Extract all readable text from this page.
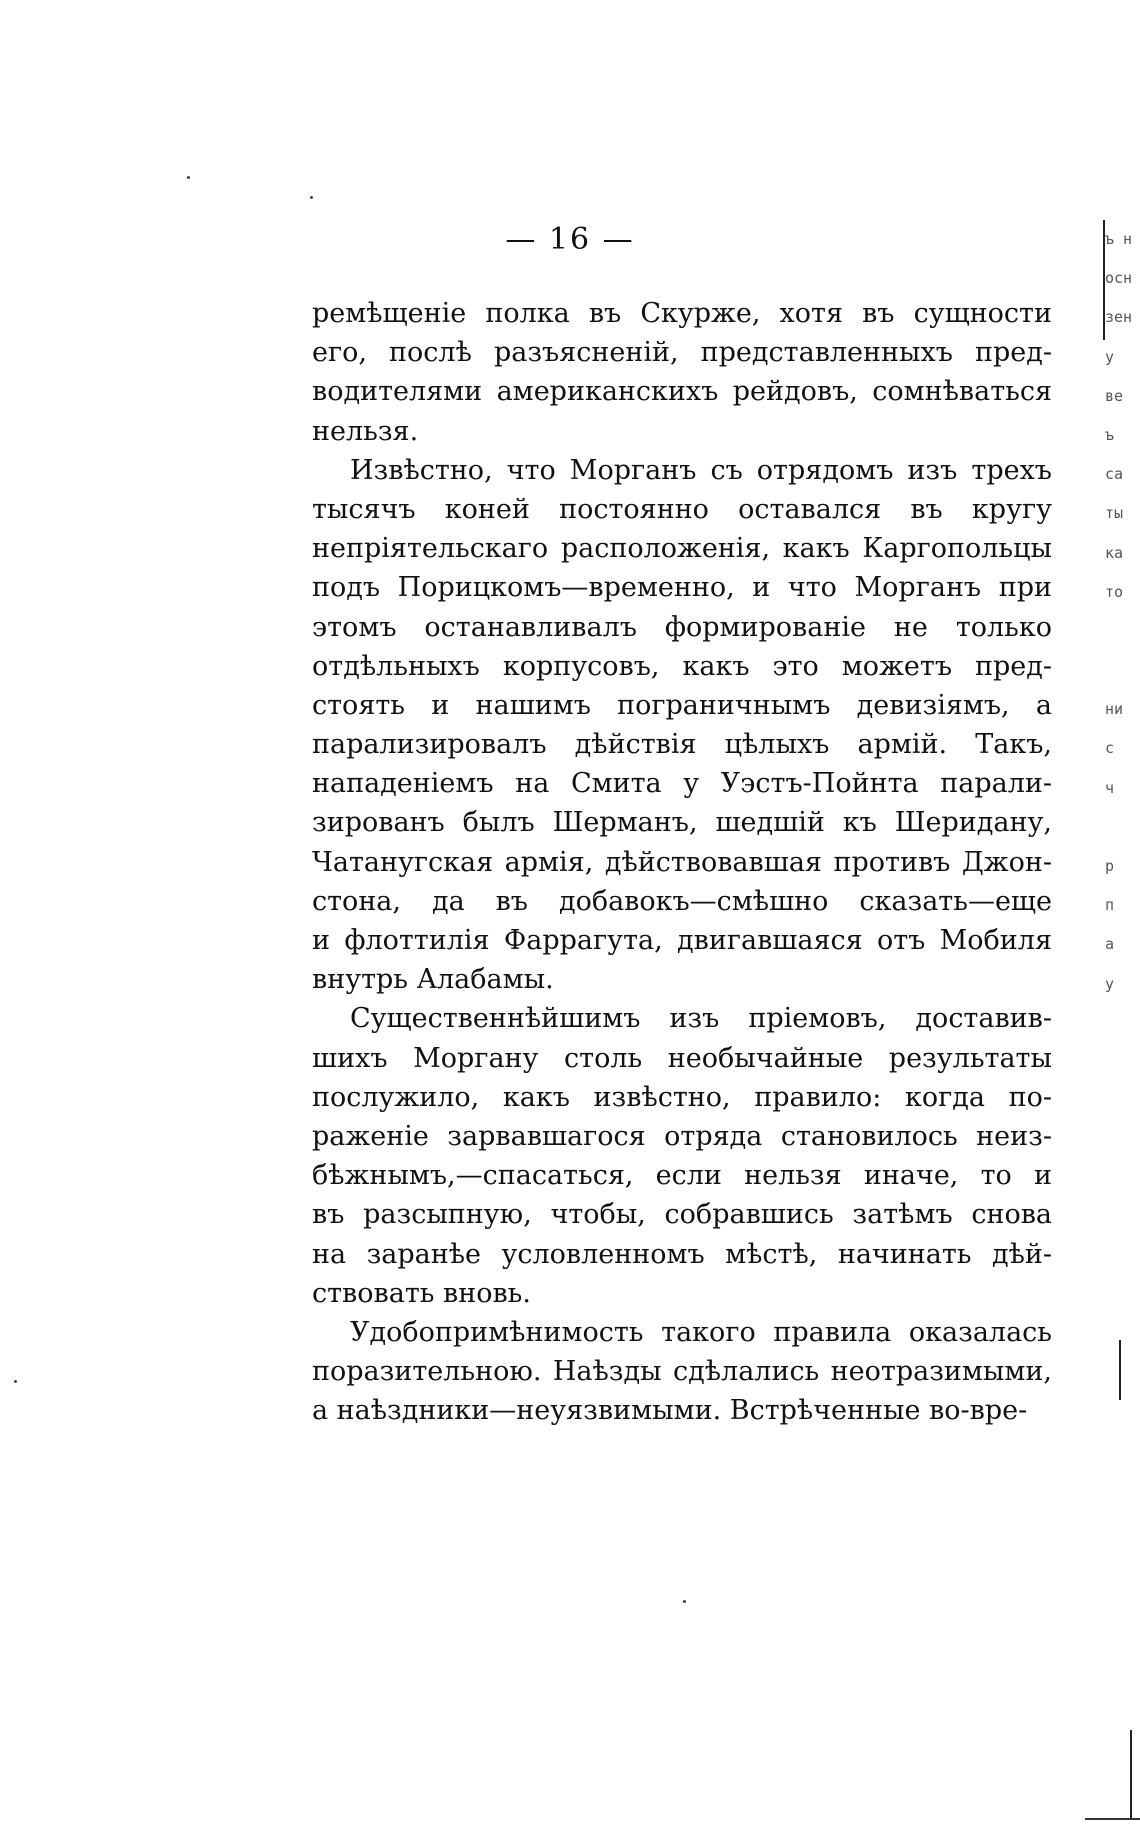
— 16 —
ремѣщеніе полка въ Скурже, хотя въ сущности
его, послѣ разъясненій, представленныхъ пред-
водителями американскихъ рейдовъ, сомнѣваться
нельзя.
Извѣстно, что Морганъ съ отрядомъ изъ трехъ
тысячъ коней постоянно оставался въ кругу
непріятельскаго расположенія, какъ Каргопольцы
подъ Порицкомъ—временно, и что Морганъ при
этомъ останавливалъ формированіе не только
отдѣльныхъ корпусовъ, какъ это можетъ пред-
стоять и нашимъ пограничнымъ девизіямъ, а
парализировалъ дѣйствія цѣлыхъ армій. Такъ,
нападеніемъ на Смита у Уэстъ-Пойнта парали-
зированъ былъ Шерманъ, шедшій къ Шеридану,
Чатанугская армія, дѣйствовавшая противъ Джон-
стона, да въ добавокъ—смѣшно сказать—еще
и флоттилія Фаррагута, двигавшаяся отъ Мобиля
внутрь Алабамы.
Существеннѣйшимъ изъ пріемовъ, доставив-
шихъ Моргану столь необычайные результаты
послужило, какъ извѣстно, правило: когда по-
раженіе зарвавшагося отряда становилось неиз-
бѣжнымъ,—спасаться, если нельзя иначе, то и
въ разсыпную, чтобы, собравшись затѣмъ снова
на заранѣе условленномъ мѣстѣ, начинать дѣй-
ствовать вновь.
Удобопримѣнимость такого правила оказалась
поразительною. Наѣзды сдѣлались неотразимыми,
а наѣздники—неуязвимыми. Встрѣченные во-вре-
ъ н
осн
зен
у
ве
ъ
са
ты
ка
то
ни
с
ч
р
п
а
у
